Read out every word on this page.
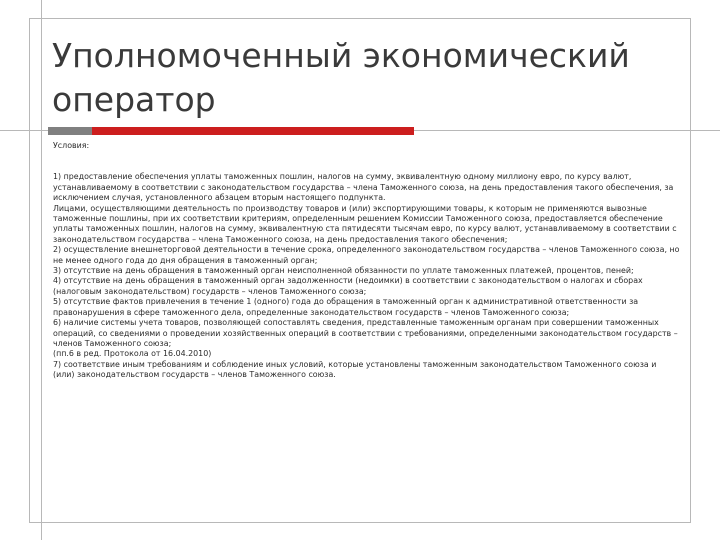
Уполномоченный экономический оператор
Условия:
1) предоставление обеспечения уплаты таможенных пошлин, налогов на сумму, эквивалентную одному миллиону евро, по курсу валют, устанавливаемому в соответствии с законодательством государства – члена Таможенного союза, на день предоставления такого обеспечения, за исключением случая, установленного абзацем вторым настоящего подпункта.
Лицами, осуществляющими деятельность по производству товаров и (или) экспортирующими товары, к которым не применяются вывозные таможенные пошлины, при их соответствии критериям, определенным решением Комиссии Таможенного союза, предоставляется обеспечение уплаты таможенных пошлин, налогов на сумму, эквивалентную ста пятидесяти тысячам евро, по курсу валют, устанавливаемому в соответствии с законодательством государства – члена Таможенного союза, на день предоставления такого обеспечения;
2) осуществление внешнеторговой деятельности в течение срока, определенного законодательством государства – членов Таможенного союза, но не менее одного года до дня обращения в таможенный орган;
3) отсутствие на день обращения в таможенный орган неисполненной обязанности по уплате таможенных платежей, процентов, пеней;
4) отсутствие на день обращения в таможенный орган задолженности (недоимки) в соответствии с законодательством о налогах и сборах (налоговым законодательством) государств – членов Таможенного союза;
5) отсутствие фактов привлечения в течение 1 (одного) года до обращения в таможенный орган к административной ответственности за правонарушения в сфере таможенного дела, определенные законодательством государств – членов Таможенного союза;
6) наличие системы учета товаров, позволяющей сопоставлять сведения, представленные таможенным органам при совершении таможенных операций, со сведениями о проведении хозяйственных операций в соответствии с требованиями, определенными законодательством государств – членов Таможенного союза;
(пп.6 в ред. Протокола от 16.04.2010)
7) соответствие иным требованиям и соблюдение иных условий, которые установлены таможенным законодательством Таможенного союза и (или) законодательством государств – членов Таможенного союза.
